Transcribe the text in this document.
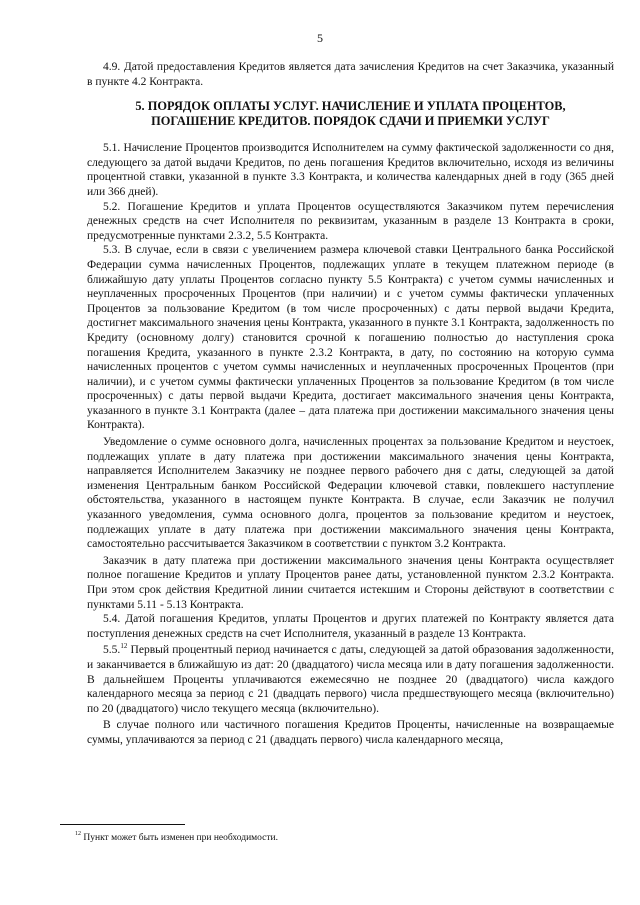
5

4.9. Датой предоставления Кредитов является дата зачисления Кредитов на счет Заказчика, указанный в пункте 4.2 Контракта.

5. ПОРЯДОК ОПЛАТЫ УСЛУГ. НАЧИСЛЕНИЕ И УПЛАТА ПРОЦЕНТОВ,
ПОГАШЕНИЕ КРЕДИТОВ. ПОРЯДОК СДАЧИ И ПРИЕМКИ УСЛУГ

5.1. Начисление Процентов производится Исполнителем на сумму фактической задолженности со дня, следующего за датой выдачи Кредитов, по день погашения Кредитов включительно, исходя из величины процентной ставки, указанной в пункте 3.3 Контракта, и количества календарных дней в году (365 дней или 366 дней).

5.2. Погашение Кредитов и уплата Процентов осуществляются Заказчиком путем перечисления денежных средств на счет Исполнителя по реквизитам, указанным в разделе 13 Контракта в сроки, предусмотренные пунктами 2.3.2, 5.5 Контракта.

5.3. В случае, если в связи с увеличением размера ключевой ставки Центрального банка Российской Федерации сумма начисленных Процентов, подлежащих уплате в текущем платежном периоде (в ближайшую дату уплаты Процентов согласно пункту 5.5 Контракта) с учетом суммы начисленных и неуплаченных просроченных Процентов (при наличии) и с учетом суммы фактически уплаченных Процентов за пользование Кредитом (в том числе просроченных) с даты первой выдачи Кредита, достигнет максимального значения цены Контракта, указанного в пункте 3.1 Контракта, задолженность по Кредиту (основному долгу) становится срочной к погашению полностью до наступления срока погашения Кредита, указанного в пункте 2.3.2 Контракта, в дату, по состоянию на которую сумма начисленных процентов с учетом суммы начисленных и неуплаченных просроченных Процентов (при наличии), и с учетом суммы фактически уплаченных Процентов за пользование Кредитом (в том числе просроченных) с даты первой выдачи Кредита, достигает максимального значения цены Контракта, указанного в пункте 3.1 Контракта (далее – дата платежа при достижении максимального значения цены Контракта).

Уведомление о сумме основного долга, начисленных процентах за пользование Кредитом и неустоек, подлежащих уплате в дату платежа при достижении максимального значения цены Контракта, направляется Исполнителем Заказчику не позднее первого рабочего дня с даты, следующей за датой изменения Центральным банком Российской Федерации ключевой ставки, повлекшего наступление обстоятельства, указанного в настоящем пункте Контракта. В случае, если Заказчик не получил указанного уведомления, сумма основного долга, процентов за пользование кредитом и неустоек, подлежащих уплате в дату платежа при достижении максимального значения цены Контракта, самостоятельно рассчитывается Заказчиком в соответствии с пунктом 3.2 Контракта.

Заказчик в дату платежа при достижении максимального значения цены Контракта осуществляет полное погашение Кредитов и уплату Процентов ранее даты, установленной пунктом 2.3.2 Контракта. При этом срок действия Кредитной линии считается истекшим и Стороны действуют в соответствии с пунктами 5.11 - 5.13 Контракта.

5.4. Датой погашения Кредитов, уплаты Процентов и других платежей по Контракту является дата поступления денежных средств на счет Исполнителя, указанный в разделе 13 Контракта.

5.5.12 Первый процентный период начинается с даты, следующей за датой образования задолженности, и заканчивается в ближайшую из дат: 20 (двадцатого) числа месяца или в дату погашения задолженности. В дальнейшем Проценты уплачиваются ежемесячно не позднее 20 (двадцатого) числа каждого календарного месяца за период с 21 (двадцать первого) числа предшествующего месяца (включительно) по 20 (двадцатого) число текущего месяца (включительно).

В случае полного или частичного погашения Кредитов Проценты, начисленные на возвращаемые суммы, уплачиваются за период с 21 (двадцать первого) числа календарного месяца,

$^{12}$ Пункт может быть изменен при необходимости.
